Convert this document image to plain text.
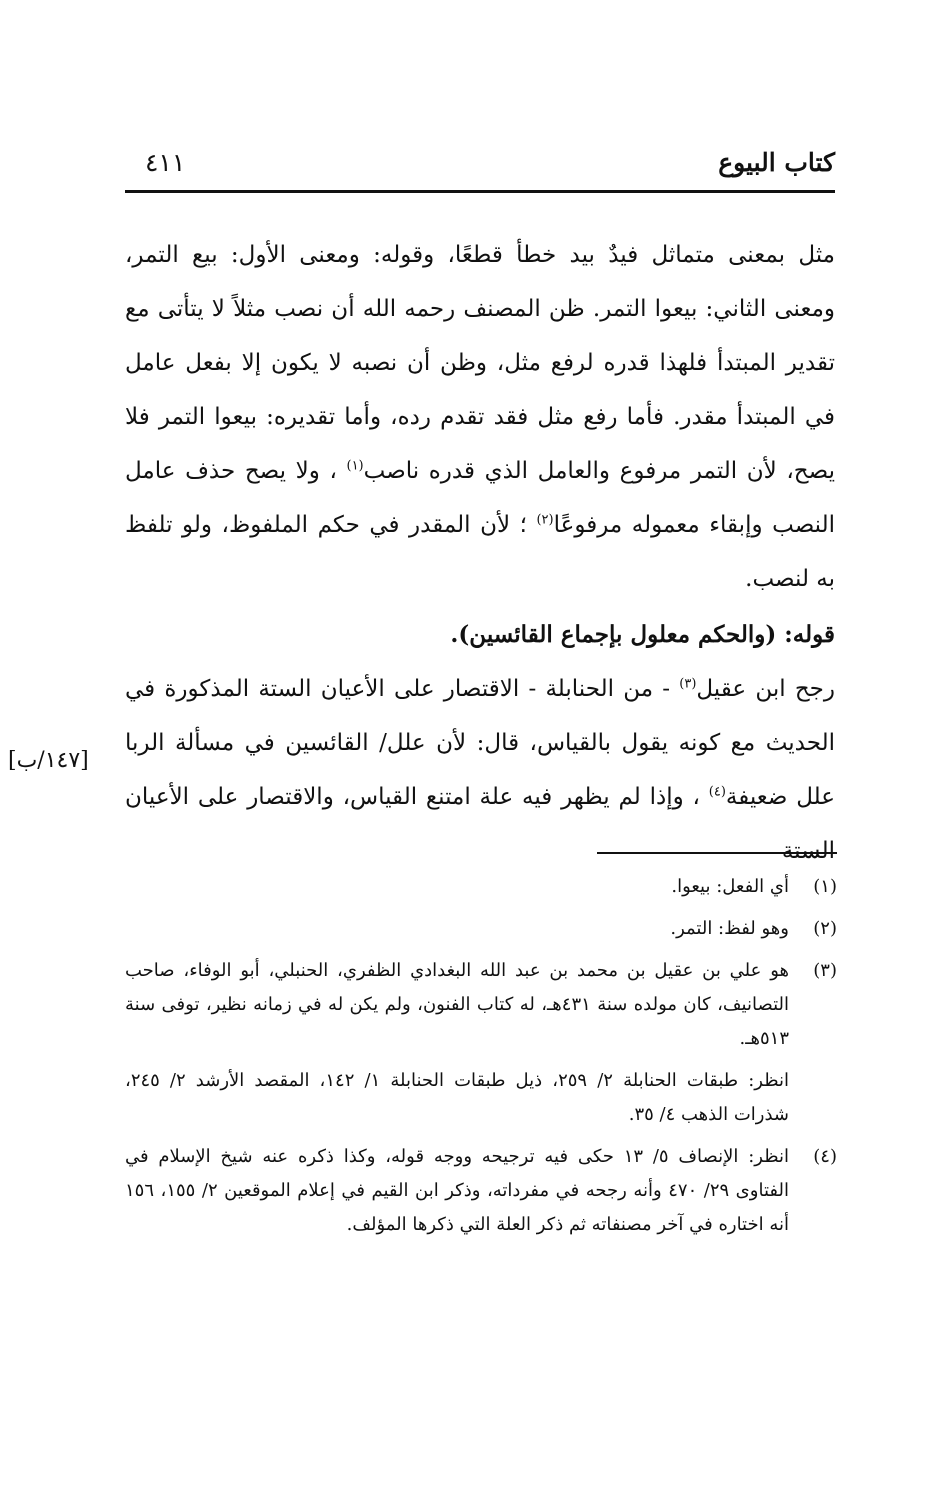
كتاب البيوع
٤١١

مثل بمعنى متماثل فيدٌ بيد خطأ قطعًا، وقوله: ومعنى الأول: بيع التمر، ومعنى الثاني: بيعوا التمر. ظن المصنف رحمه الله أن نصب مثلاً لا يتأتى مع تقدير المبتدأ فلهذا قدره لرفع مثل، وظن أن نصبه لا يكون إلا بفعل عامل في المبتدأ مقدر. فأما رفع مثل فقد تقدم رده، وأما تقديره: بيعوا التمر فلا يصح، لأن التمر مرفوع والعامل الذي قدره ناصب$^{(١)}$ ، ولا يصح حذف عامل النصب وإبقاء معموله مرفوعًا$^{(٢)}$ ؛ لأن المقدر في حكم الملفوظ، ولو تلفظ به لنصب.

قوله: (والحكم معلول بإجماع القائسين).

رجح ابن عقيل$^{(٣)}$ - من الحنابلة - الاقتصار على الأعيان الستة المذكورة في الحديث مع كونه يقول بالقياس، قال: لأن علل/ القائسين في مسألة الربا علل ضعيفة$^{(٤)}$ ، وإذا لم يظهر فيه علة امتنع القياس، والاقتصار على الأعيان الستة

[١٤٧/ب]
(١)
أي الفعل: بيعوا.
(٢)
وهو لفظ: التمر.
(٣)
هو علي بن عقيل بن محمد بن عبد الله البغدادي الظفري، الحنبلي، أبو الوفاء، صاحب التصانيف، كان مولده سنة ٤٣١هـ، له كتاب الفنون، ولم يكن له في زمانه نظير، توفى سنة ٥١٣هـ.
انظر: طبقات الحنابلة ٢/ ٢٥٩، ذيل طبقات الحنابلة ١/ ١٤٢، المقصد الأرشد ٢/ ٢٤٥، شذرات الذهب ٤/ ٣٥.
(٤)
انظر: الإنصاف ٥/ ١٣ حكى فيه ترجيحه ووجه قوله، وكذا ذكره عنه شيخ الإسلام في الفتاوى ٢٩/ ٤٧٠ وأنه رجحه في مفرداته، وذكر ابن القيم في إعلام الموقعين ٢/ ١٥٥، ١٥٦ أنه اختاره في آخر مصنفاته ثم ذكر العلة التي ذكرها المؤلف.
